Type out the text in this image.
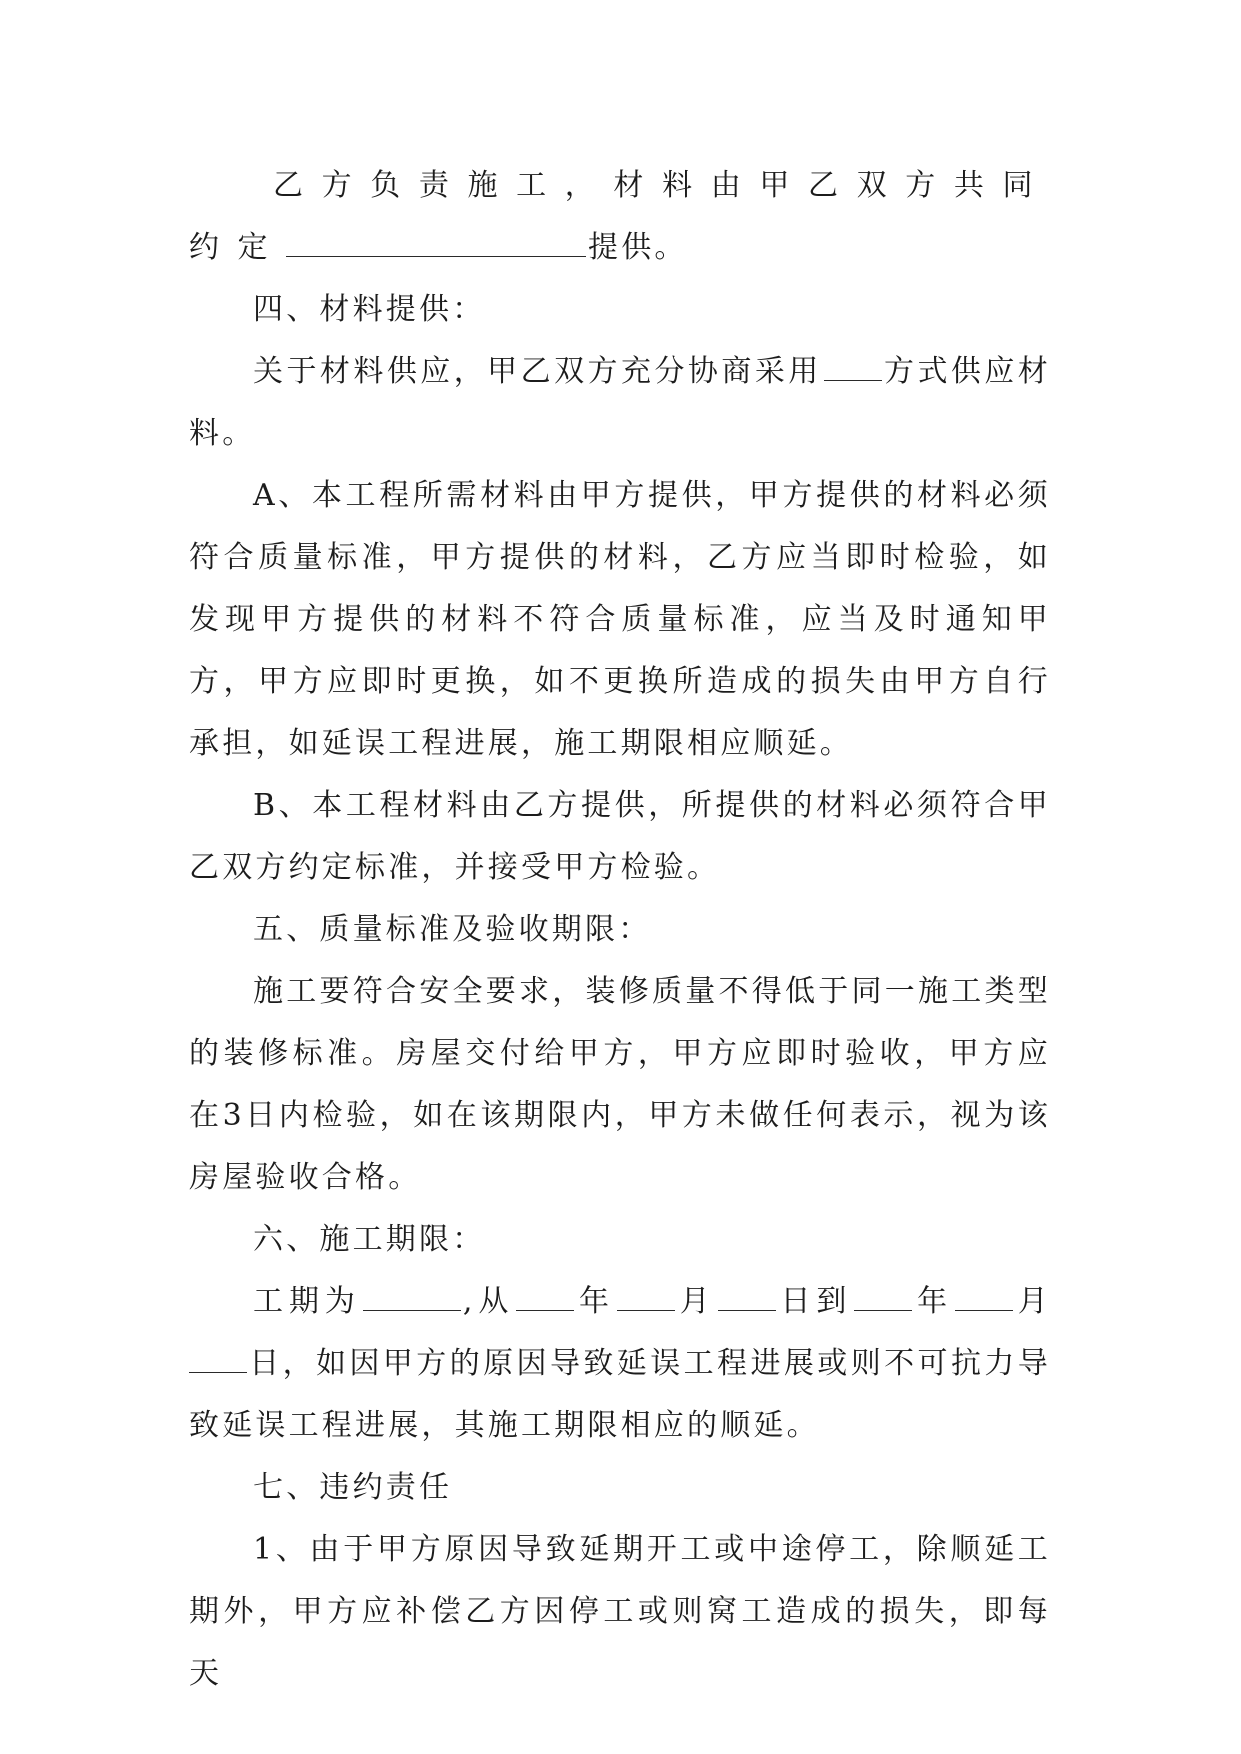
乙方负责施工，材料由甲乙双方共同约定	提供。

四、材料提供：

关于材料供应，甲乙双方充分协商采用 方式供应材料。

A、本工程所需材料由甲方提供，甲方提供的材料必须符合质量标准，甲方提供的材料，乙方应当即时检验，如发现甲方提供的材料不符合质量标准，应当及时通知甲方，甲方应即时更换，如不更换所造成的损失由甲方自行承担，如延误工程进展，施工期限相应顺延。

B、本工程材料由乙方提供，所提供的材料必须符合甲乙双方约定标准，并接受甲方检验。

五、质量标准及验收期限：

施工要符合安全要求，装修质量不得低于同一施工类型的装修标准。房屋交付给甲方，甲方应即时验收，甲方应在3日内检验，如在该期限内，甲方未做任何表示，视为该房屋验收合格。

六、施工期限：

工期为	,从 年 月 日到 年 月日，如因甲方的原因导致延误工程进展或则不可抗力导致延误工程进展，其施工期限相应的顺延。

七、违约责任

1、由于甲方原因导致延期开工或中途停工，除顺延工期外，甲方应补偿乙方因停工或则窝工造成的损失，即每天
